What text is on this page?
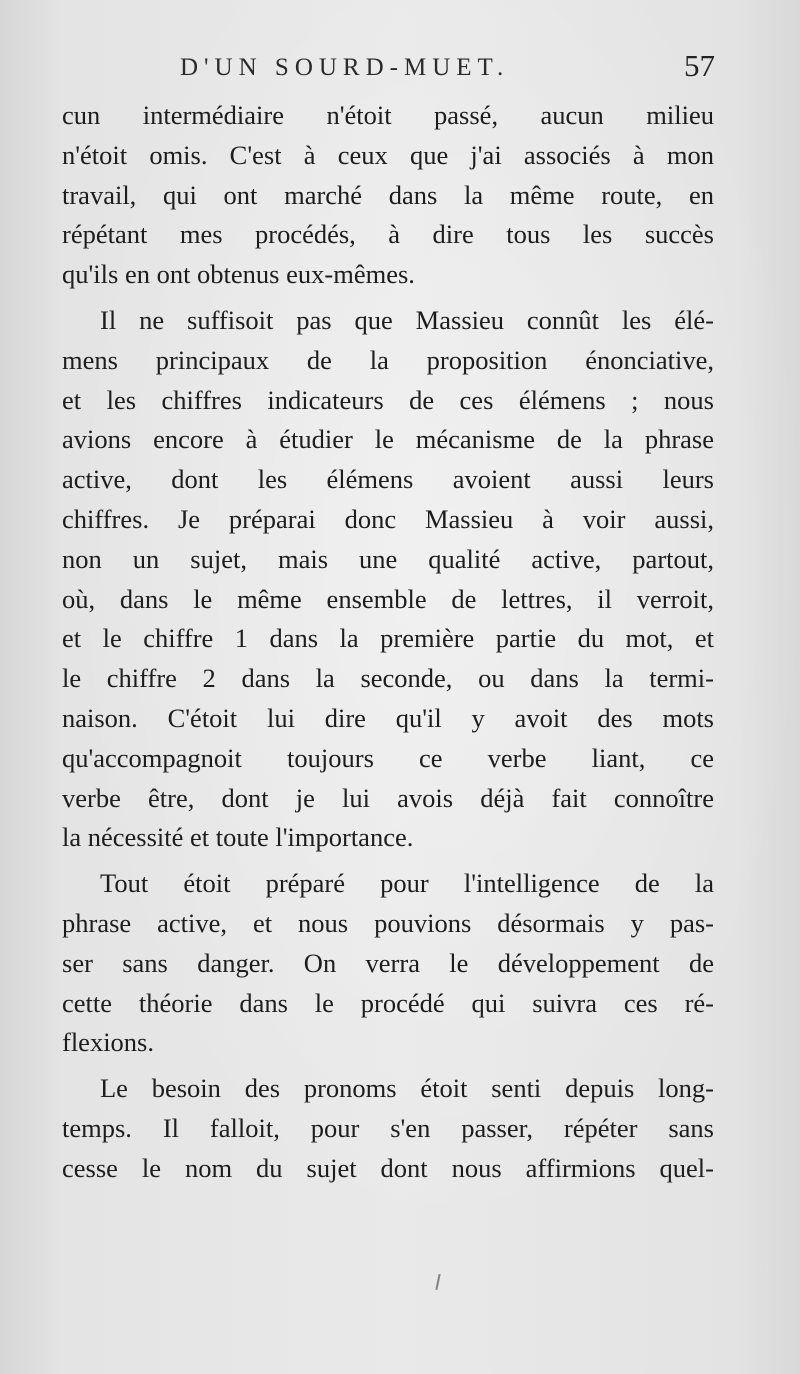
D'UN SOURD-MUET.	57
cun intermédiaire n'étoit passé, aucun milieu
n'étoit omis. C'est à ceux que j'ai associés à mon
travail, qui ont marché dans la même route, en
répétant mes procédés, à dire tous les succès
qu'ils en ont obtenus eux-mêmes.
Il ne suffisoit pas que Massieu connût les élé-
mens principaux de la proposition énonciative,
et les chiffres indicateurs de ces élémens ; nous
avions encore à étudier le mécanisme de la phrase
active, dont les élémens avoient aussi leurs
chiffres. Je préparai donc Massieu à voir aussi,
non un sujet, mais une qualité active, partout,
où, dans le même ensemble de lettres, il verroit,
et le chiffre 1 dans la première partie du mot, et
le chiffre 2 dans la seconde, ou dans la termi-
naison. C'étoit lui dire qu'il y avoit des mots
qu'accompagnoit toujours ce verbe liant, ce
verbe être, dont je lui avois déjà fait connoître
la nécessité et toute l'importance.
Tout étoit préparé pour l'intelligence de la
phrase active, et nous pouvions désormais y pas-
ser sans danger. On verra le développement de
cette théorie dans le procédé qui suivra ces ré-
flexions.
Le besoin des pronoms étoit senti depuis long-
temps. Il falloit, pour s'en passer, répéter sans
cesse le nom du sujet dont nous affirmions quel-
